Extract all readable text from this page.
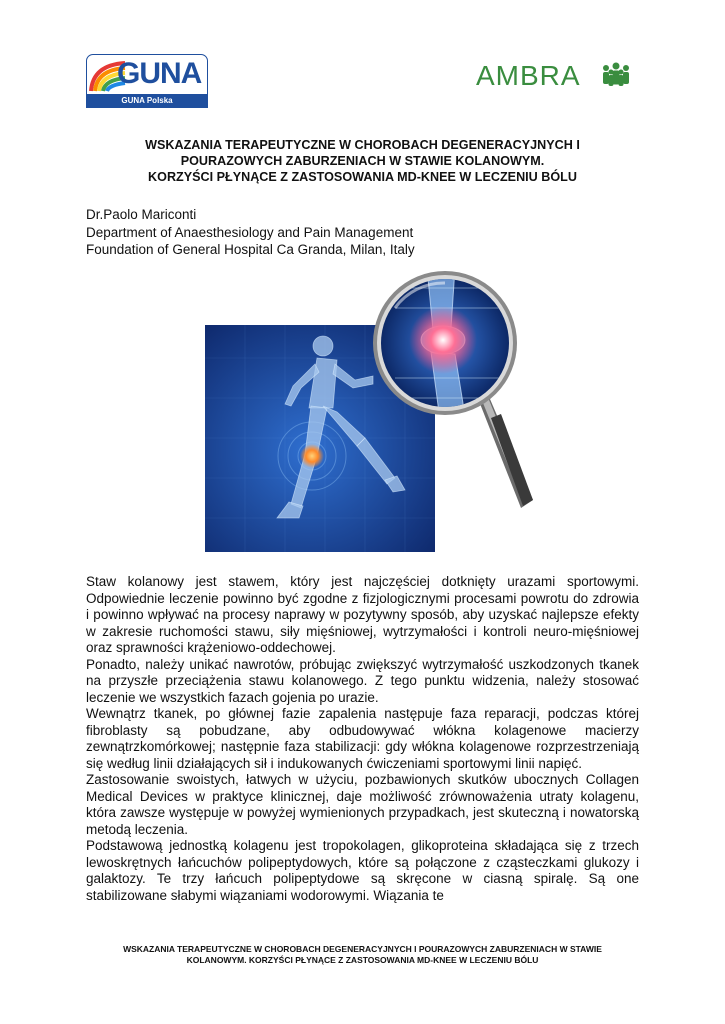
GUNA
GUNA Polska
AMBRA
WSKAZANIA TERAPEUTYCZNE W CHOROBACH DEGENERACYJNYCH I
POURAZOWYCH ZABURZENIACH W STAWIE KOLANOWYM.
KORZYŚCI PŁYNĄCE Z ZASTOSOWANIA MD-KNEE W LECZENIU BÓLU
Dr.Paolo Mariconti
Department of Anaesthesiology and Pain Management
Foundation of General Hospital Ca Granda, Milan, Italy

Staw kolanowy jest stawem, który jest najczęściej dotknięty urazami sportowymi. Odpowiednie leczenie powinno być zgodne z fizjologicznymi procesami powrotu do zdrowia i powinno wpływać na procesy naprawy w pozytywny sposób, aby uzyskać najlepsze efekty w zakresie ruchomości stawu, siły mięśniowej, wytrzymałości i kontroli neuro-mięśniowej oraz sprawności krążeniowo-oddechowej.

Ponadto, należy unikać nawrotów, próbując zwiększyć wytrzymałość uszkodzonych tkanek na przyszłe przeciążenia stawu kolanowego. Z tego punktu widzenia, należy stosować leczenie we wszystkich fazach gojenia po urazie.

Wewnątrz tkanek, po głównej fazie zapalenia następuje faza reparacji, podczas której fibroblasty są pobudzane, aby odbudowywać włókna kolagenowe macierzy zewnątrzkomórkowej; następnie faza stabilizacji: gdy włókna kolagenowe rozprzestrzeniają się według linii działających sił i indukowanych ćwiczeniami sportowymi linii napięć.

Zastosowanie swoistych, łatwych w użyciu, pozbawionych skutków ubocznych Collagen Medical Devices w praktyce klinicznej, daje możliwość zrównoważenia utraty kolagenu, która zawsze występuje w powyżej wymienionych przypadkach, jest skuteczną i nowatorską metodą leczenia.

Podstawową jednostką kolagenu jest tropokolagen, glikoproteina składająca się z trzech lewoskrętnych łańcuchów polipeptydowych, które są połączone z cząsteczkami glukozy i galaktozy. Te trzy łańcuch polipeptydowe są skręcone w ciasną spiralę. Są one stabilizowane słabymi wiązaniami wodorowymi. Wiązania te

WSKAZANIA TERAPEUTYCZNE W CHOROBACH DEGENERACYJNYCH I POURAZOWYCH ZABURZENIACH W STAWIE
KOLANOWYM. KORZYŚCI PŁYNĄCE Z ZASTOSOWANIA MD-KNEE W LECZENIU BÓLU
